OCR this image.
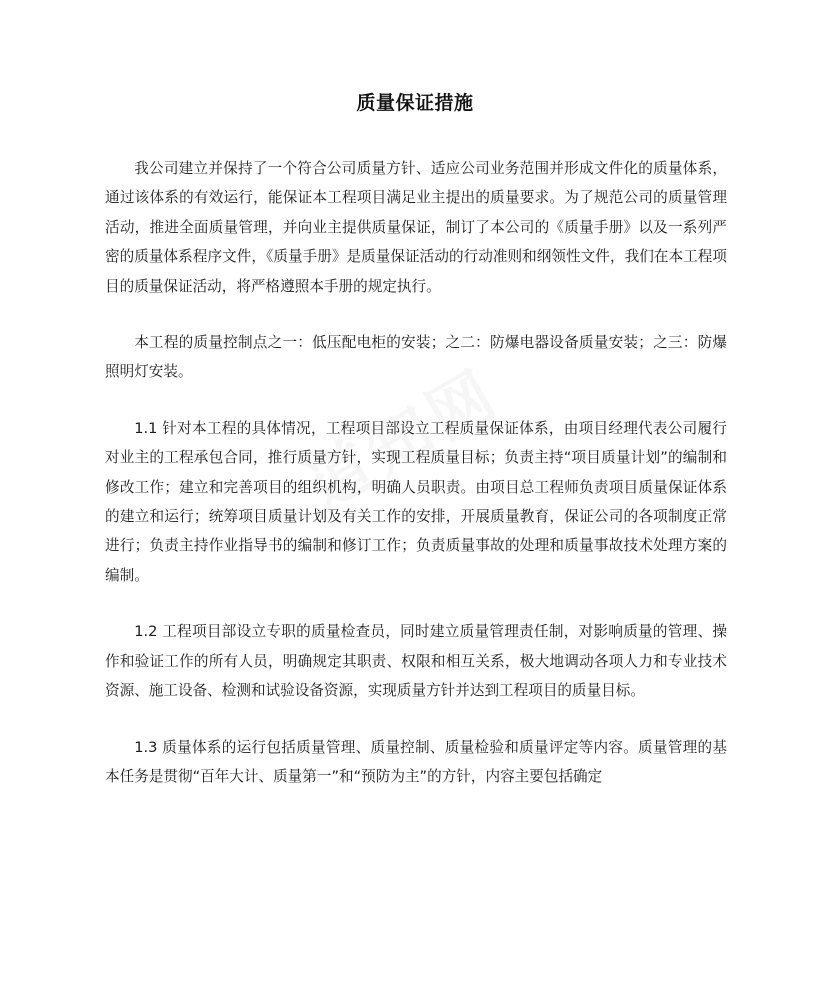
质量保证措施

我公司建立并保持了一个符合公司质量方针、适应公司业务范围并形成文件化的质量体系，通过该体系的有效运行，能保证本工程项目满足业主提出的质量要求。为了规范公司的质量管理活动，推进全面质量管理，并向业主提供质量保证，制订了本公司的《质量手册》以及一系列严密的质量体系程序文件，《质量手册》是质量保证活动的行动准则和纲领性文件，我们在本工程项目的质量保证活动，将严格遵照本手册的规定执行。

本工程的质量控制点之一：低压配电柜的安装；之二：防爆电器设备质量安装；之三：防爆照明灯安装。

1.1 针对本工程的具体情况，工程项目部设立工程质量保证体系，由项目经理代表公司履行对业主的工程承包合同，推行质量方针，实现工程质量目标；负责主持“项目质量计划”的编制和修改工作；建立和完善项目的组织机构，明确人员职责。由项目总工程师负责项目质量保证体系的建立和运行；统筹项目质量计划及有关工作的安排，开展质量教育，保证公司的各项制度正常进行；负责主持作业指导书的编制和修订工作；负责质量事故的处理和质量事故技术处理方案的编制。

1.2 工程项目部设立专职的质量检查员，同时建立质量管理责任制，对影响质量的管理、操作和验证工作的所有人员，明确规定其职责、权限和相互关系，极大地调动各项人力和专业技术资源、施工设备、检测和试验设备资源，实现质量方针并达到工程项目的质量目标。

1.3 质量体系的运行包括质量管理、质量控制、质量检验和质量评定等内容。质量管理的基本任务是贯彻“百年大计、质量第一”和“预防为主”的方针，内容主要包括确定
